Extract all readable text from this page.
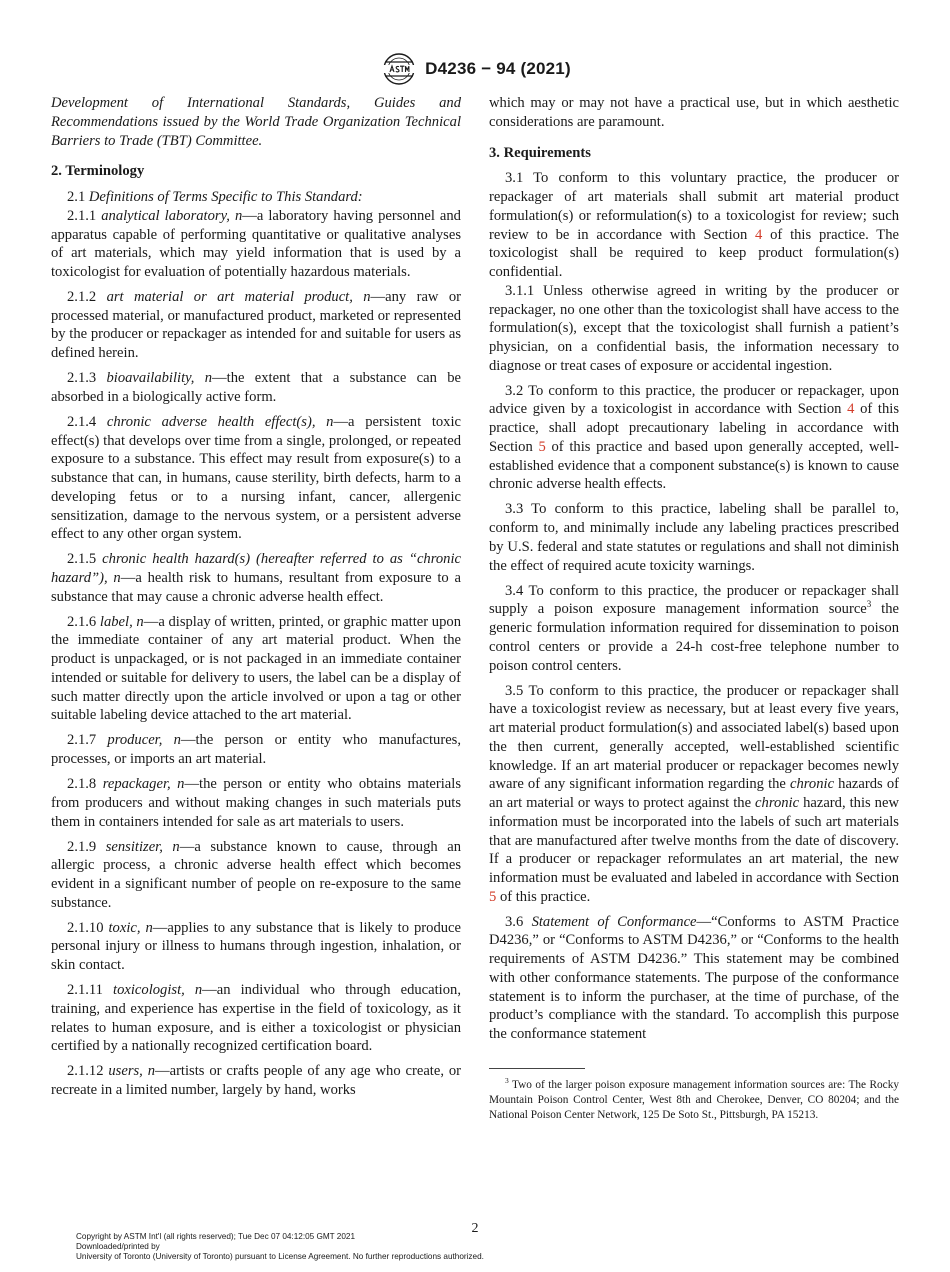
D4236 − 94 (2021)

Development of International Standards, Guides and Recommendations issued by the World Trade Organization Technical Barriers to Trade (TBT) Committee.

2. Terminology

2.1 Definitions of Terms Specific to This Standard:

2.1.1 analytical laboratory, n—a laboratory having personnel and apparatus capable of performing quantitative or qualitative analyses of art materials, which may yield information that is used by a toxicologist for evaluation of potentially hazardous materials.

2.1.2 art material or art material product, n—any raw or processed material, or manufactured product, marketed or represented by the producer or repackager as intended for and suitable for users as defined herein.

2.1.3 bioavailability, n—the extent that a substance can be absorbed in a biologically active form.

2.1.4 chronic adverse health effect(s), n—a persistent toxic effect(s) that develops over time from a single, prolonged, or repeated exposure to a substance. This effect may result from exposure(s) to a substance that can, in humans, cause sterility, birth defects, harm to a developing fetus or to a nursing infant, cancer, allergenic sensitization, damage to the nervous system, or a persistent adverse effect to any other organ system.

2.1.5 chronic health hazard(s) (hereafter referred to as “chronic hazard”), n—a health risk to humans, resultant from exposure to a substance that may cause a chronic adverse health effect.

2.1.6 label, n—a display of written, printed, or graphic matter upon the immediate container of any art material product. When the product is unpackaged, or is not packaged in an immediate container intended or suitable for delivery to users, the label can be a display of such matter directly upon the article involved or upon a tag or other suitable labeling device attached to the art material.

2.1.7 producer, n—the person or entity who manufactures, processes, or imports an art material.

2.1.8 repackager, n—the person or entity who obtains materials from producers and without making changes in such materials puts them in containers intended for sale as art materials to users.

2.1.9 sensitizer, n—a substance known to cause, through an allergic process, a chronic adverse health effect which becomes evident in a significant number of people on re-exposure to the same substance.

2.1.10 toxic, n—applies to any substance that is likely to produce personal injury or illness to humans through ingestion, inhalation, or skin contact.

2.1.11 toxicologist, n—an individual who through education, training, and experience has expertise in the field of toxicology, as it relates to human exposure, and is either a toxicologist or physician certified by a nationally recognized certification board.

2.1.12 users, n—artists or crafts people of any age who create, or recreate in a limited number, largely by hand, works

which may or may not have a practical use, but in which aesthetic considerations are paramount.

3. Requirements

3.1 To conform to this voluntary practice, the producer or repackager of art materials shall submit art material product formulation(s) or reformulation(s) to a toxicologist for review; such review to be in accordance with Section 4 of this practice. The toxicologist shall be required to keep product formulation(s) confidential.

3.1.1 Unless otherwise agreed in writing by the producer or repackager, no one other than the toxicologist shall have access to the formulation(s), except that the toxicologist shall furnish a patient’s physician, on a confidential basis, the information necessary to diagnose or treat cases of exposure or accidental ingestion.

3.2 To conform to this practice, the producer or repackager, upon advice given by a toxicologist in accordance with Section 4 of this practice, shall adopt precautionary labeling in accordance with Section 5 of this practice and based upon generally accepted, well-established evidence that a component substance(s) is known to cause chronic adverse health effects.

3.3 To conform to this practice, labeling shall be parallel to, conform to, and minimally include any labeling practices prescribed by U.S. federal and state statutes or regulations and shall not diminish the effect of required acute toxicity warnings.

3.4 To conform to this practice, the producer or repackager shall supply a poison exposure management information source$^3$ the generic formulation information required for dissemination to poison control centers or provide a 24-h cost-free telephone number to poison control centers.

3.5 To conform to this practice, the producer or repackager shall have a toxicologist review as necessary, but at least every five years, art material product formulation(s) and associated label(s) based upon the then current, generally accepted, well-established scientific knowledge. If an art material producer or repackager becomes newly aware of any significant information regarding the chronic hazards of an art material or ways to protect against the chronic hazard, this new information must be incorporated into the labels of such art materials that are manufactured after twelve months from the date of discovery. If a producer or repackager reformulates an art material, the new information must be evaluated and labeled in accordance with Section 5 of this practice.

3.6 Statement of Conformance—“Conforms to ASTM Practice D4236,” or “Conforms to ASTM D4236,” or “Conforms to the health requirements of ASTM D4236.” This statement may be combined with other conformance statements. The purpose of the conformance statement is to inform the purchaser, at the time of purchase, of the product’s compliance with the standard. To accomplish this purpose the conformance statement

$^3$ Two of the larger poison exposure management information sources are: The Rocky Mountain Poison Control Center, West 8th and Cherokee, Denver, CO 80204; and the National Poison Center Network, 125 De Soto St., Pittsburgh, PA 15213.
2
Copyright by ASTM Int'l (all rights reserved); Tue Dec 07 04:12:05 GMT 2021
Downloaded/printed by
University of Toronto (University of Toronto) pursuant to License Agreement. No further reproductions authorized.
